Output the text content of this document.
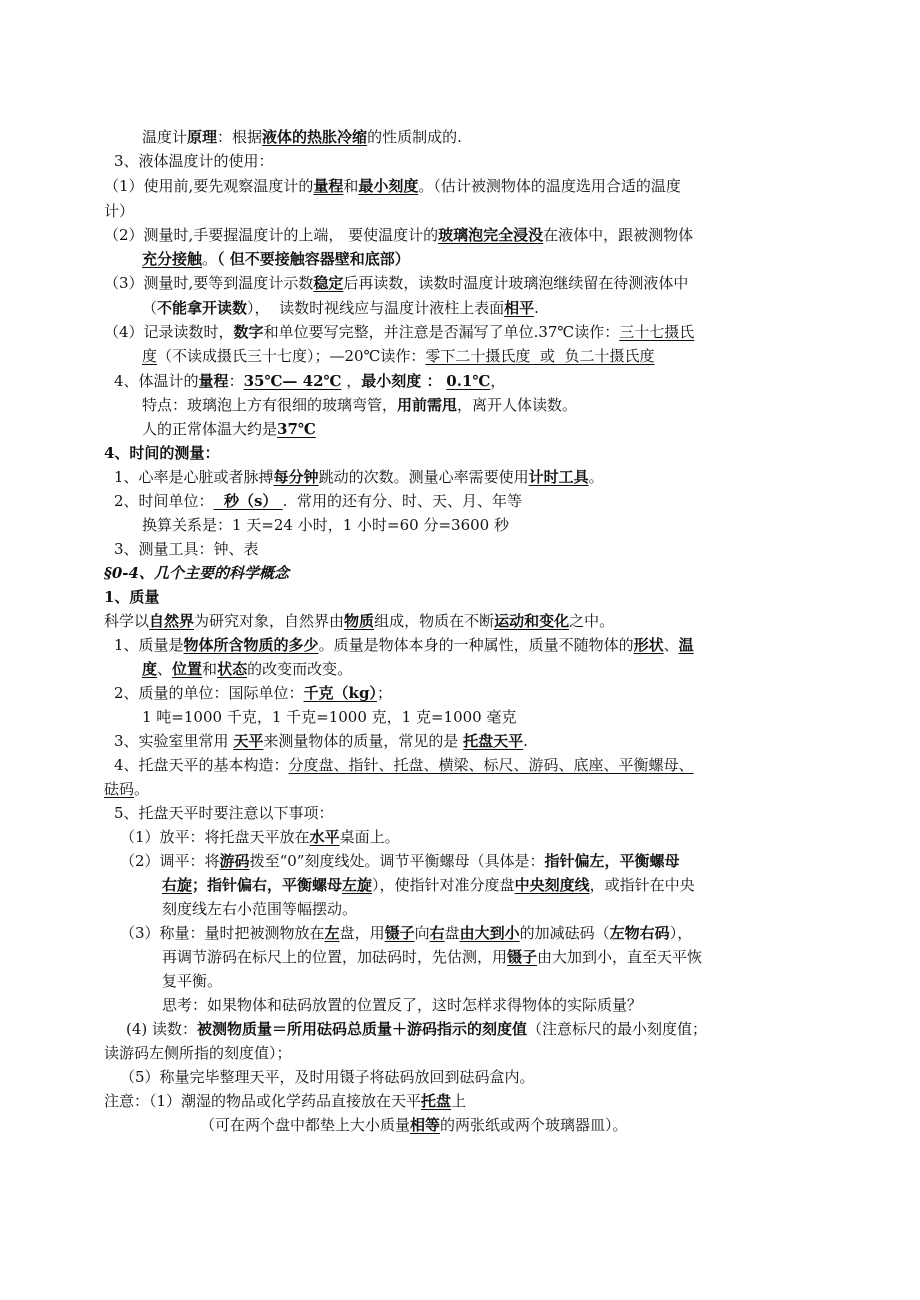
温度计原理：根据液体的热胀冷缩的性质制成的.
3、液体温度计的使用：
（1）使用前,要先观察温度计的量程和最小刻度。（估计被测物体的温度选用合适的温度
计）
（2）测量时,手要握温度计的上端， 要使温度计的玻璃泡完全浸没在液体中，跟被测物体
充分接触。（ 但不要接触容器壁和底部）
（3）测量时,要等到温度计示数稳定后再读数，读数时温度计玻璃泡继续留在待测液体中
（不能拿开读数），  读数时视线应与温度计液柱上表面相平.
（4）记录读数时，数字和单位要写完整，并注意是否漏写了单位.37℃读作：三十七摄氏
度（不读成摄氏三十七度）；—20℃读作：零下二十摄氏度  或  负二十摄氏度
4、体温计的量程：35℃— 42℃ ，最小刻度 ： 0.1℃，
特点：玻璃泡上方有很细的玻璃弯管，用前需甩，离开人体读数。
人的正常体温大约是37℃
4、时间的测量：
1、心率是心脏或者脉搏每分钟跳动的次数。测量心率需要使用计时工具。
2、时间单位：  秒（s） .  常用的还有分、时、天、月、年等
换算关系是：1 天=24 小时，1 小时=60 分=3600 秒
3、测量工具：钟、表
§0-4、几个主要的科学概念
1、质量
科学以自然界为研究对象，自然界由物质组成，物质在不断运动和变化之中。
1、质量是物体所含物质的多少。质量是物体本身的一种属性，质量不随物体的形状、温
度、位置和状态的改变而改变。
2、质量的单位：国际单位：千克（kg）；
1 吨=1000 千克，1 千克=1000 克，1 克=1000 毫克
3、实验室里常用 天平来测量物体的质量，常见的是 托盘天平.
4、托盘天平的基本构造：分度盘、指针、托盘、横梁、标尺、游码、底座、平衡螺母、
砝码。
5、托盘天平时要注意以下事项：
（1）放平：将托盘天平放在水平桌面上。
（2）调平：将游码拨至“0”刻度线处。调节平衡螺母（具体是：指针偏左，平衡螺母
右旋；指针偏右，平衡螺母左旋），使指针对准分度盘中央刻度线，或指针在中央
刻度线左右小范围等幅摆动。
（3）称量：量时把被测物放在左盘，用镊子向右盘由大到小的加减砝码（左物右码），
再调节游码在标尺上的位置，加砝码时，先估测，用镊子由大加到小，直至天平恢
复平衡。
思考：如果物体和砝码放置的位置反了，这时怎样求得物体的实际质量？
(4) 读数：被测物质量＝所用砝码总质量＋游码指示的刻度值（注意标尺的最小刻度值；
读游码左侧所指的刻度值）；
（5）称量完毕整理天平，及时用镊子将砝码放回到砝码盒内。
注意：（1）潮湿的物品或化学药品直接放在天平托盘上
（可在两个盘中都垫上大小质量相等的两张纸或两个玻璃器皿）。
